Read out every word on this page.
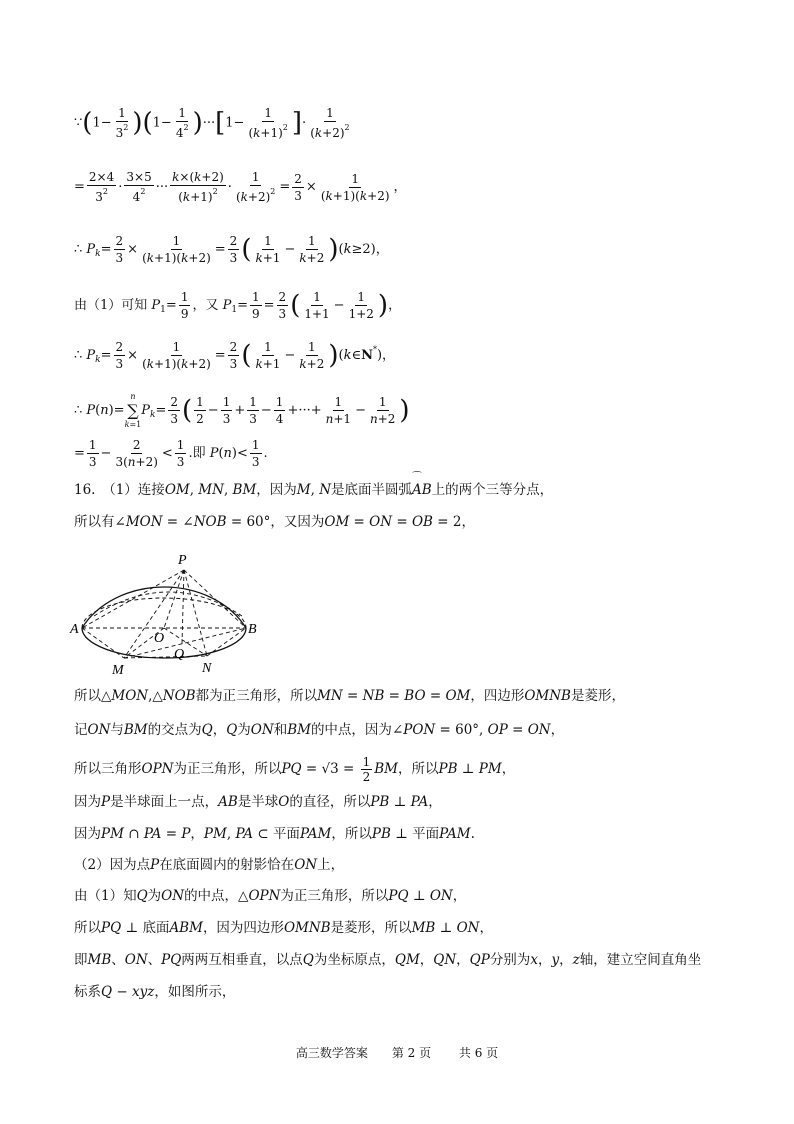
∵(1− $\frac{1}{3^2} )(1- \frac{1}{4^2} )\cdot\cdot\cdot[1- \frac{1}{(k+1)^2}$ ]· $\frac{1}{(k+2)^2}$
= $\frac{2\times 4}{3^2} \cdot \frac{3\times 5}{4^2}$ ··· $\frac{k\times(k+2)}{(k+1)^2} \cdot \frac{1}{(k+2)^2} = \frac{2}{3} \times \frac{1}{(k+1)(k+2)}$ ，
∴ $P_k= \frac{2}{3} \times \frac{1}{(k+1)(k+2)} = \frac{2}{3}$ ( $\frac{1}{k+1} - \frac{1}{k+2} )(k\ge 2)$，
由（1）可知 $P_1= \frac{1}{9}$ ，又 $P_1= \frac{1}{9} = \frac{2}{3}$ ( $\frac{1}{1+1} - \frac{1}{1+2}$ )，
∴ $P_k= \frac{2}{3} \times \frac{1}{(k+1)(k+2)} = \frac{2}{3}$ ( $\frac{1}{k+1} - \frac{1}{k+2}$ )(k∈N*)，
∴ P(n)=
n
∑
k=1
$P_k= \frac{2}{3}$ ( $\frac{1}{2} - \frac{1}{3} + \frac{1}{3} - \frac{1}{4}$ +···+ $\frac{1}{n+1} - \frac{1}{n+2}$ )
= $\frac{1}{3} - \frac{2}{3(n+2)} < \frac{1}{3}$ .即 $P(n)< \frac{1}{3}$ .
16.　（1）连接OM, MN, BM，因为M, N是底面半圆弧AB
⌒
上的两个三等分点，
所以有∠MON = ∠NOB = 60°，又因为OM = ON = OB = 2，
P
A	B
O
Q
M	N
所以△MON,△NOB都为正三角形，所以MN = NB = BO = OM，四边形OMNB是菱形，
记ON与BM的交点为Q，Q为ON和BM的中点，因为∠PON = 60°, OP = ON，
所以三角形OPN为正三角形，所以PQ = $√3 = \frac{1}{2}$ BM，所以PB ⊥ PM，
因为P是半球面上一点，AB是半球O的直径，所以PB ⊥ PA，
因为PM ∩ PA = P，PM, PA ⊂ 平面PAM，所以PB ⊥ 平面PAM.
（2）因为点P在底面圆内的射影恰在ON上，
由（1）知Q为ON的中点，△OPN为正三角形，所以PQ ⊥ ON，
所以PQ ⊥ 底面ABM，因为四边形OMNB是菱形，所以MB ⊥ ON，
即MB、ON、PQ两两互相垂直，以点Q为坐标原点，QM，QN，QP分别为x，y，z轴，建立空间直角坐
标系Q − xyz，如图所示，
高三数学答案　　第 2 页　　 共 6 页
